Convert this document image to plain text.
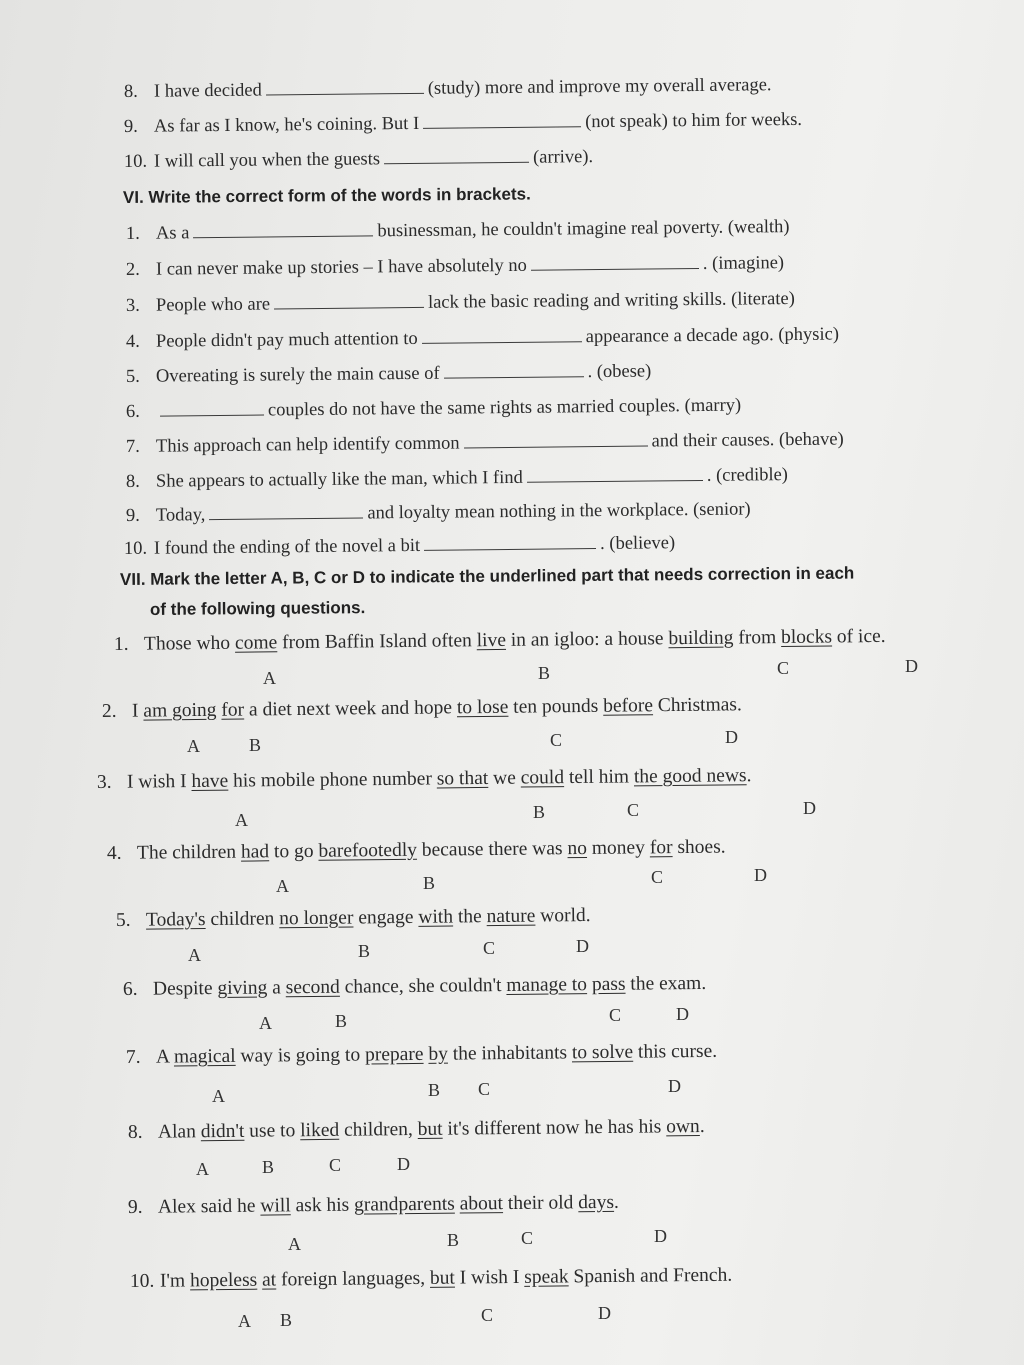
8. I have decided	(study) more and improve my overall average.
9. As far as I know, he's coining. But I	(not speak) to him for weeks.
10. I will call you when the guests	(arrive).
VI. Write the correct form of the words in brackets.
1. As a	businessman, he couldn't imagine real poverty. (wealth)
2. I can never make up stories – I have absolutely no	. (imagine)
3. People who are	lack the basic reading and writing skills. (literate)
4. People didn't pay much attention to	appearance a decade ago. (physic)
5. Overeating is surely the main cause of	. (obese)
6.	couples do not have the same rights as married couples. (marry)
7. This approach can help identify common	and their causes. (behave)
8. She appears to actually like the man, which I find	. (credible)
9. Today,	and loyalty mean nothing in the workplace. (senior)
10. I found the ending of the novel a bit	. (believe)
VII. Mark the letter A, B, C or D to indicate the underlined part that needs correction in each
of the following questions.
1. Those who come from Baffin Island often live in an igloo: a house building from blocks of ice.
A	B	C	D
2. I am going for a diet next week and hope to lose ten pounds before Christmas.
A	B	C	D
3. I wish I have his mobile phone number so that we could tell him the good news.
A	B	C	D
4. The children had to go barefootedly because there was no money for shoes.
A	B	C	D
5. Today's children no longer engage with the nature world.
A	B	C	D
6. Despite giving a second chance, she couldn't manage to pass the exam.
A	B	C	D
7. A magical way is going to prepare by the inhabitants to solve this curse.
A	B C	D
8. Alan didn't use to liked children, but it's different now he has his own.
A	B	C	D
9. Alex said he will ask his grandparents about their old days.
A	B	C	D
10. I'm hopeless at foreign languages, but I wish I speak Spanish and French.
A B	C	D
